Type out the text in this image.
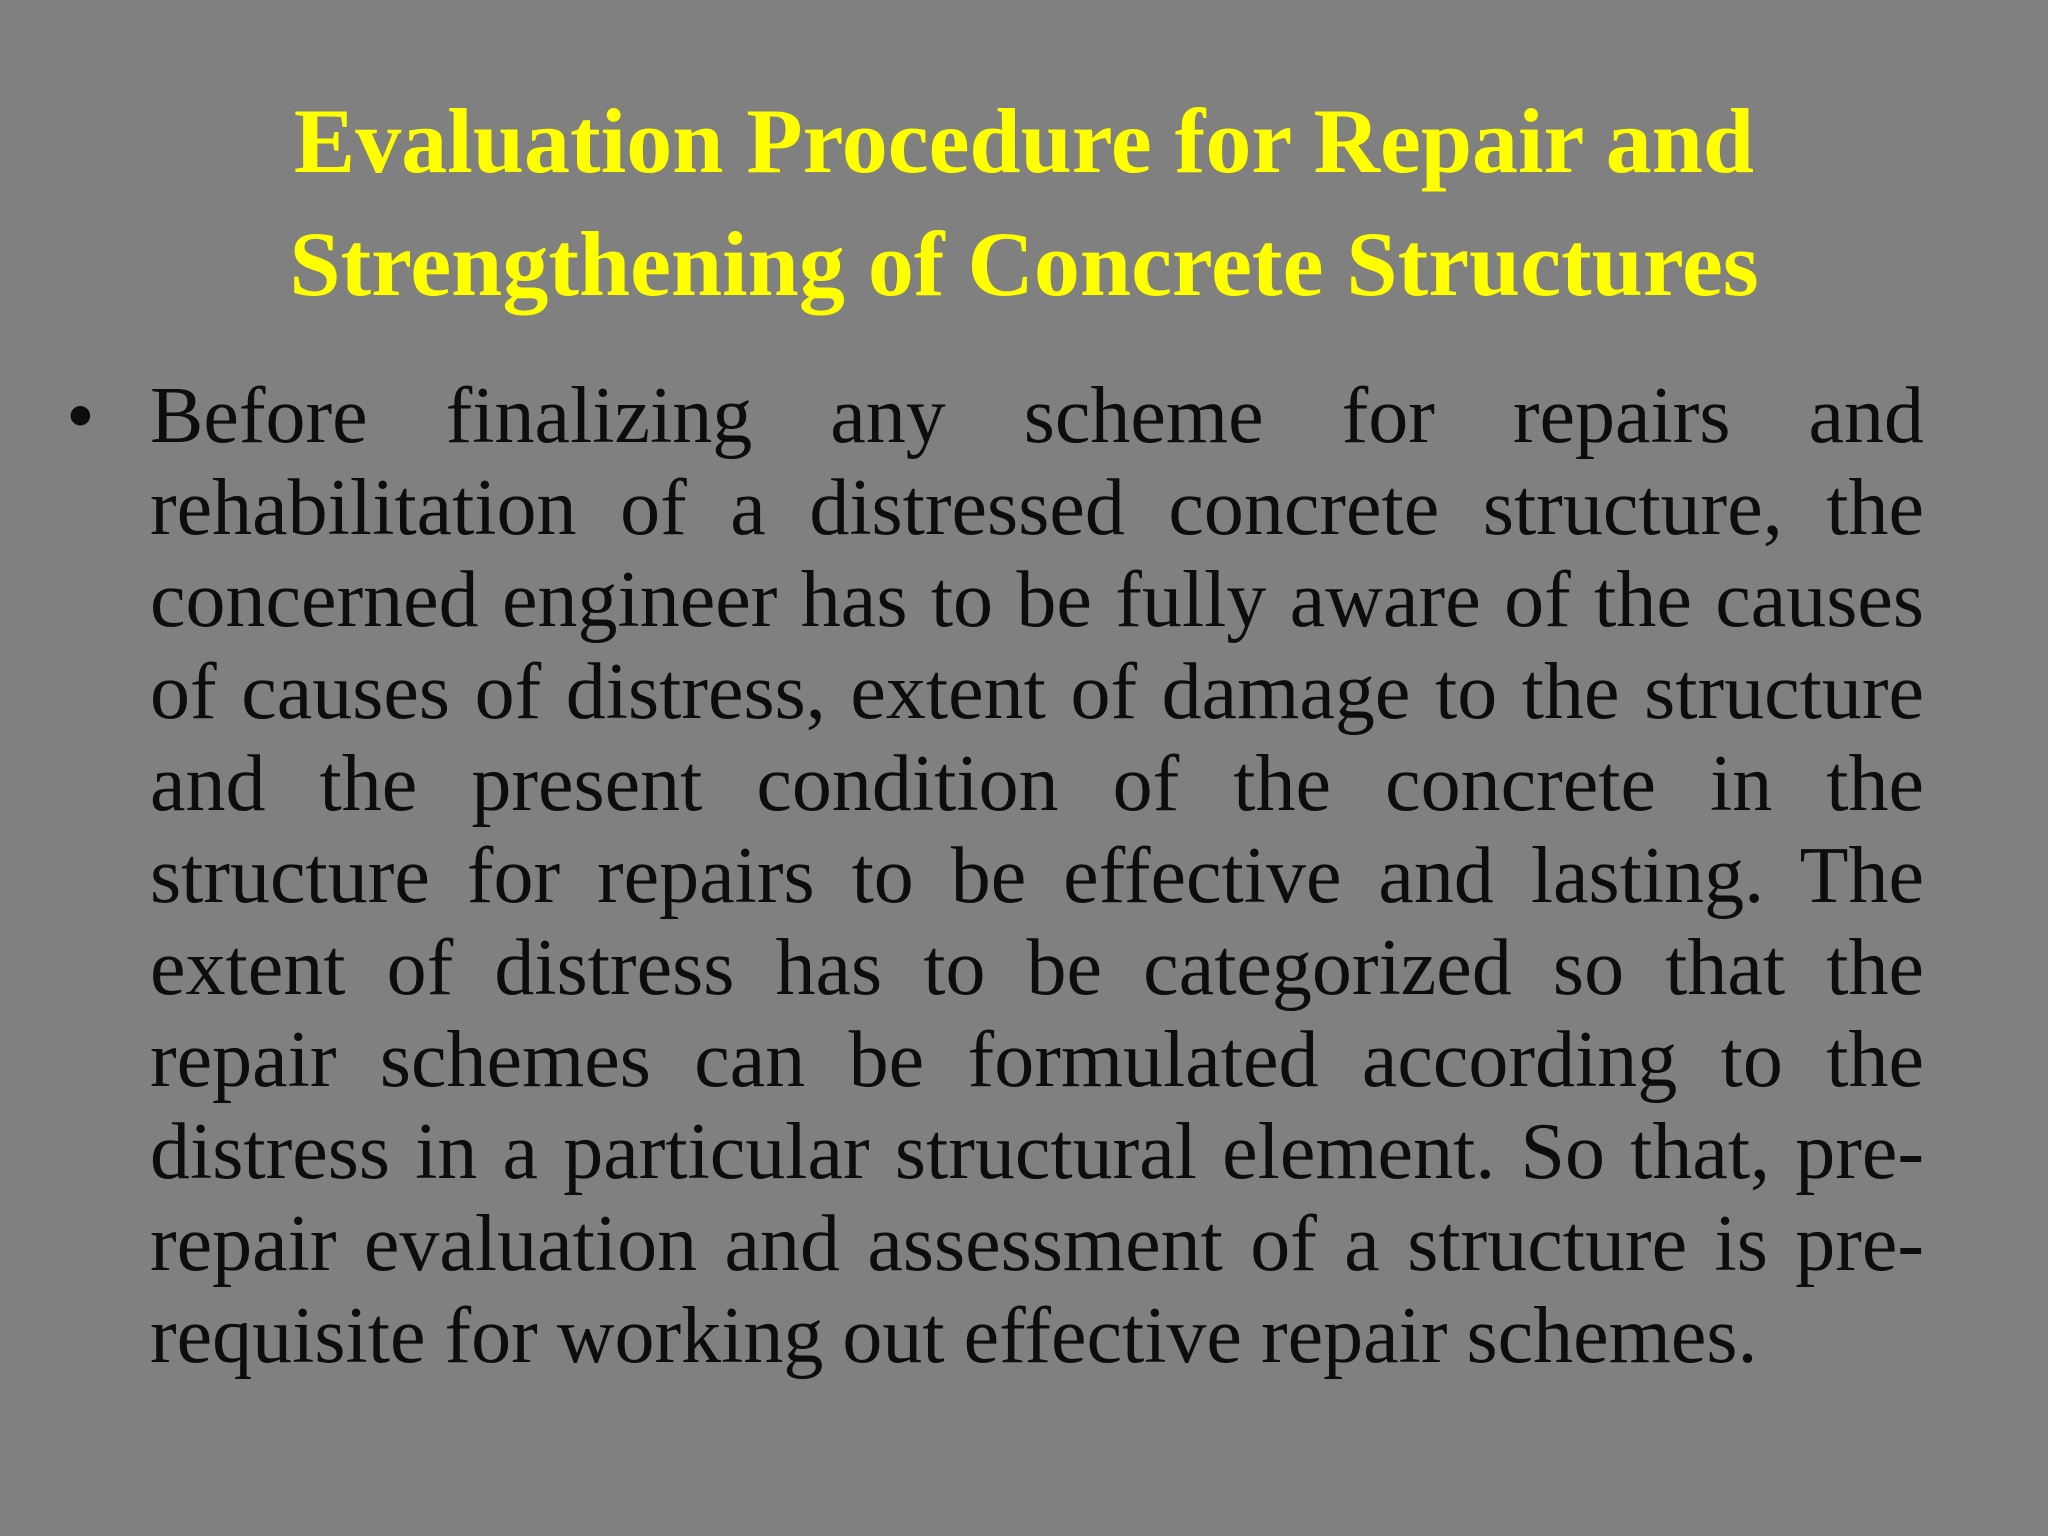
Evaluation Procedure for Repair and Strengthening of Concrete Structures
• Before finalizing any scheme for repairs and rehabilitation of a distressed concrete structure, the concerned engineer has to be fully aware of the causes of causes of distress, extent of damage to the structure and the present condition of the concrete in the structure for repairs to be effective and lasting. The extent of distress has to be categorized so that the repair schemes can be formulated according to the distress in a particular structural element. So that, pre-repair evaluation and assessment of a structure is pre-requisite for working out effective repair schemes.
